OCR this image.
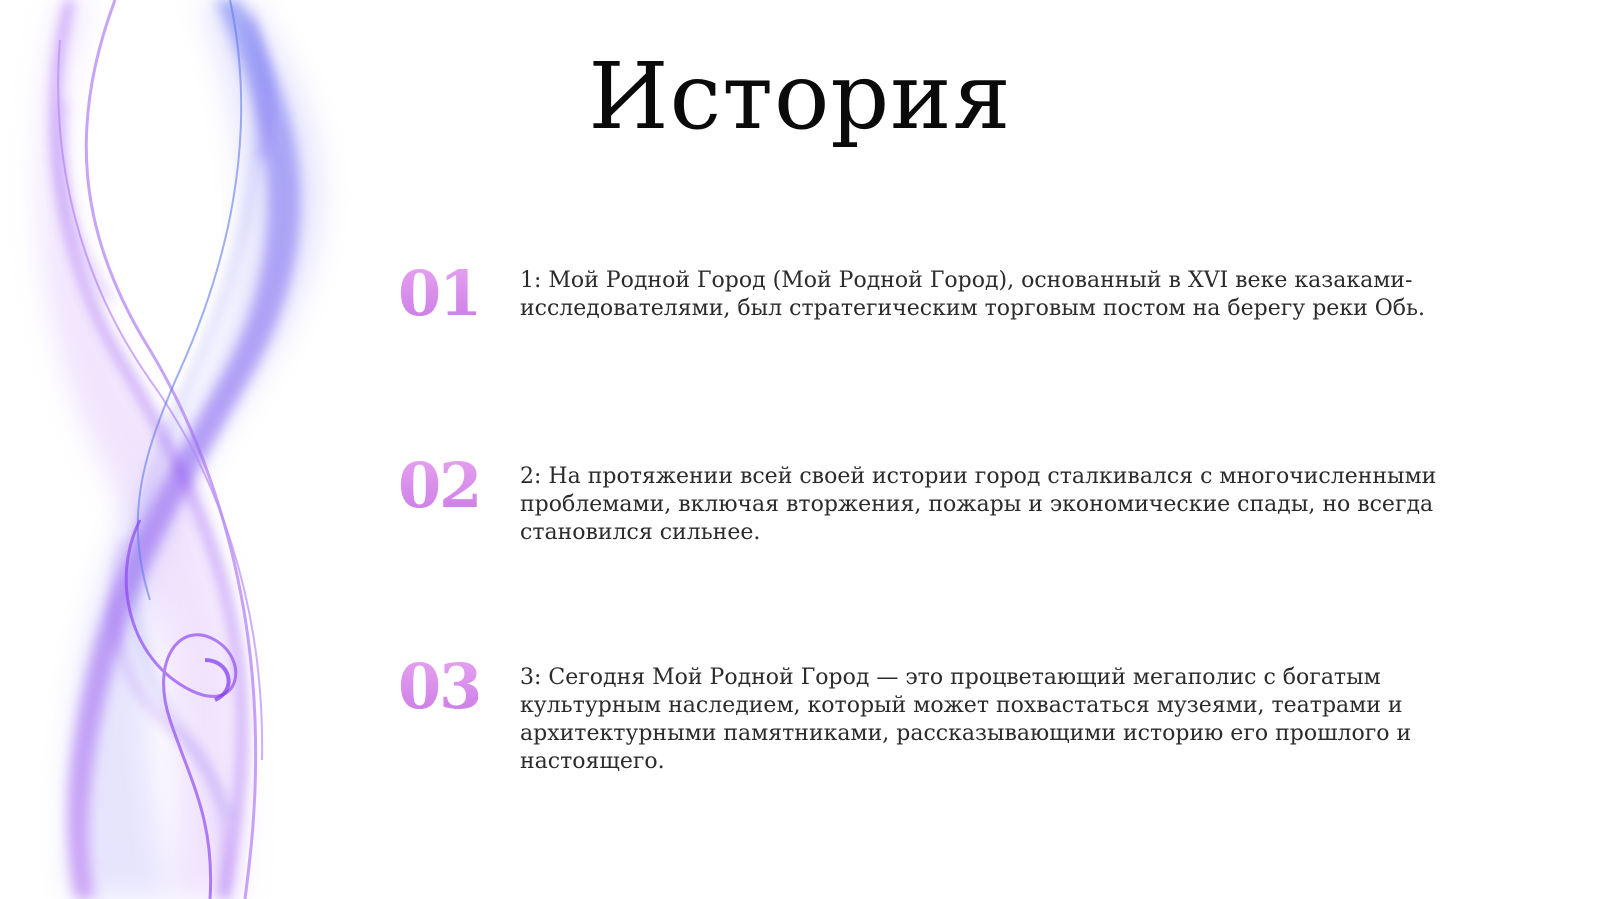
История
01 1: Мой Родной Город (Мой Родной Город), основанный в XVI веке казаками-исследователями, был стратегическим торговым постом на берегу реки Обь.
02 2: На протяжении всей своей истории город сталкивался с многочисленными проблемами, включая вторжения, пожары и экономические спады, но всегда становился сильнее.
03 3: Сегодня Мой Родной Город — это процветающий мегаполис с богатым культурным наследием, который может похвастаться музеями, театрами и архитектурными памятниками, рассказывающими историю его прошлого и настоящего.
